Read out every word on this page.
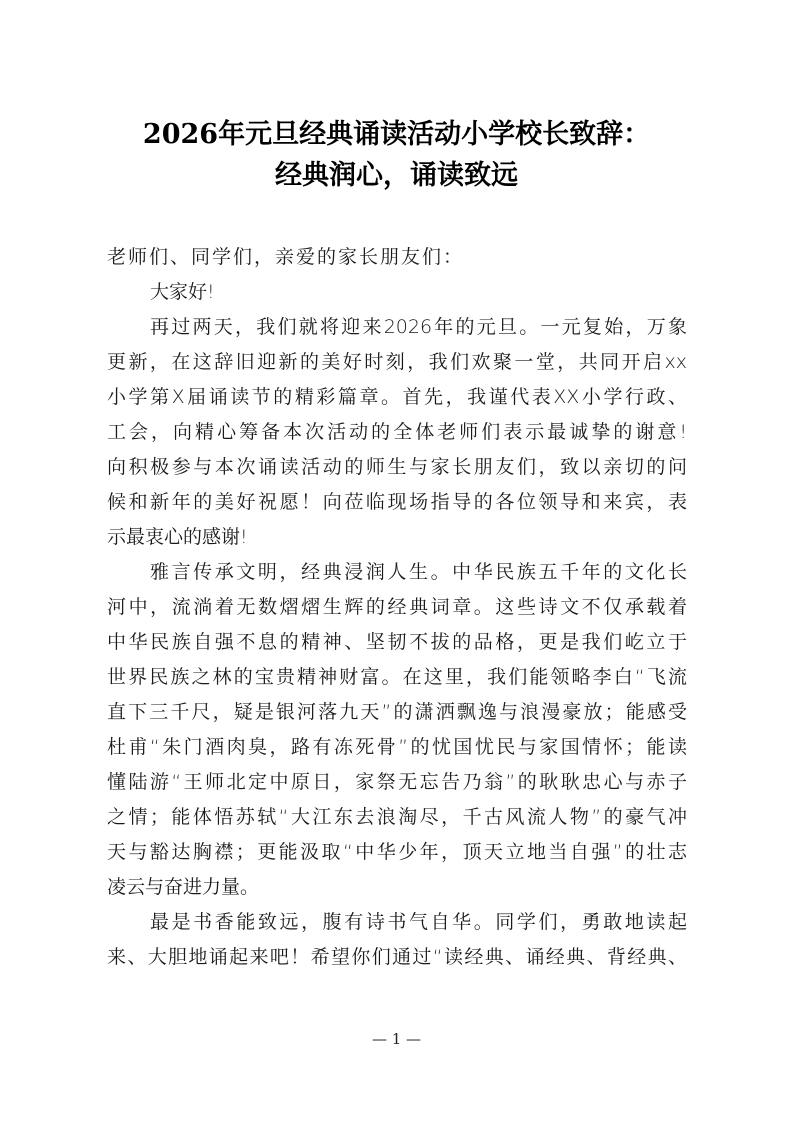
2026年元旦经典诵读活动小学校长致辞：
经典润心，诵读致远
老师们、同学们，亲爱的家长朋友们：
大家好!
再过两天，我们就将迎来2026年的元旦。一元复始，万象
更新，在这辞旧迎新的美好时刻，我们欢聚一堂，共同开启xx
小学第X届诵读节的精彩篇章。首先，我谨代表XX小学行政、
工会，向精心筹备本次活动的全体老师们表示最诚挚的谢意!
向积极参与本次诵读活动的师生与家长朋友们，致以亲切的问
候和新年的美好祝愿！向莅临现场指导的各位领导和来宾，表
示最衷心的感谢!
雅言传承文明，经典浸润人生。中华民族五千年的文化长
河中，流淌着无数熠熠生辉的经典词章。这些诗文不仅承载着
中华民族自强不息的精神、坚韧不拔的品格，更是我们屹立于
世界民族之林的宝贵精神财富。在这里，我们能领略李白“飞流
直下三千尺，疑是银河落九天”的潇洒飘逸与浪漫豪放；能感受
杜甫“朱门酒肉臭，路有冻死骨”的忧国忧民与家国情怀；能读
懂陆游“王师北定中原日，家祭无忘告乃翁”的耿耿忠心与赤子
之情；能体悟苏轼“大江东去浪淘尽，千古风流人物”的豪气冲
天与豁达胸襟；更能汲取“中华少年，顶天立地当自强”的壮志
凌云与奋进力量。
最是书香能致远，腹有诗书气自华。同学们，勇敢地读起
来、大胆地诵起来吧！希望你们通过“读经典、诵经典、背经典、
— 1 —
